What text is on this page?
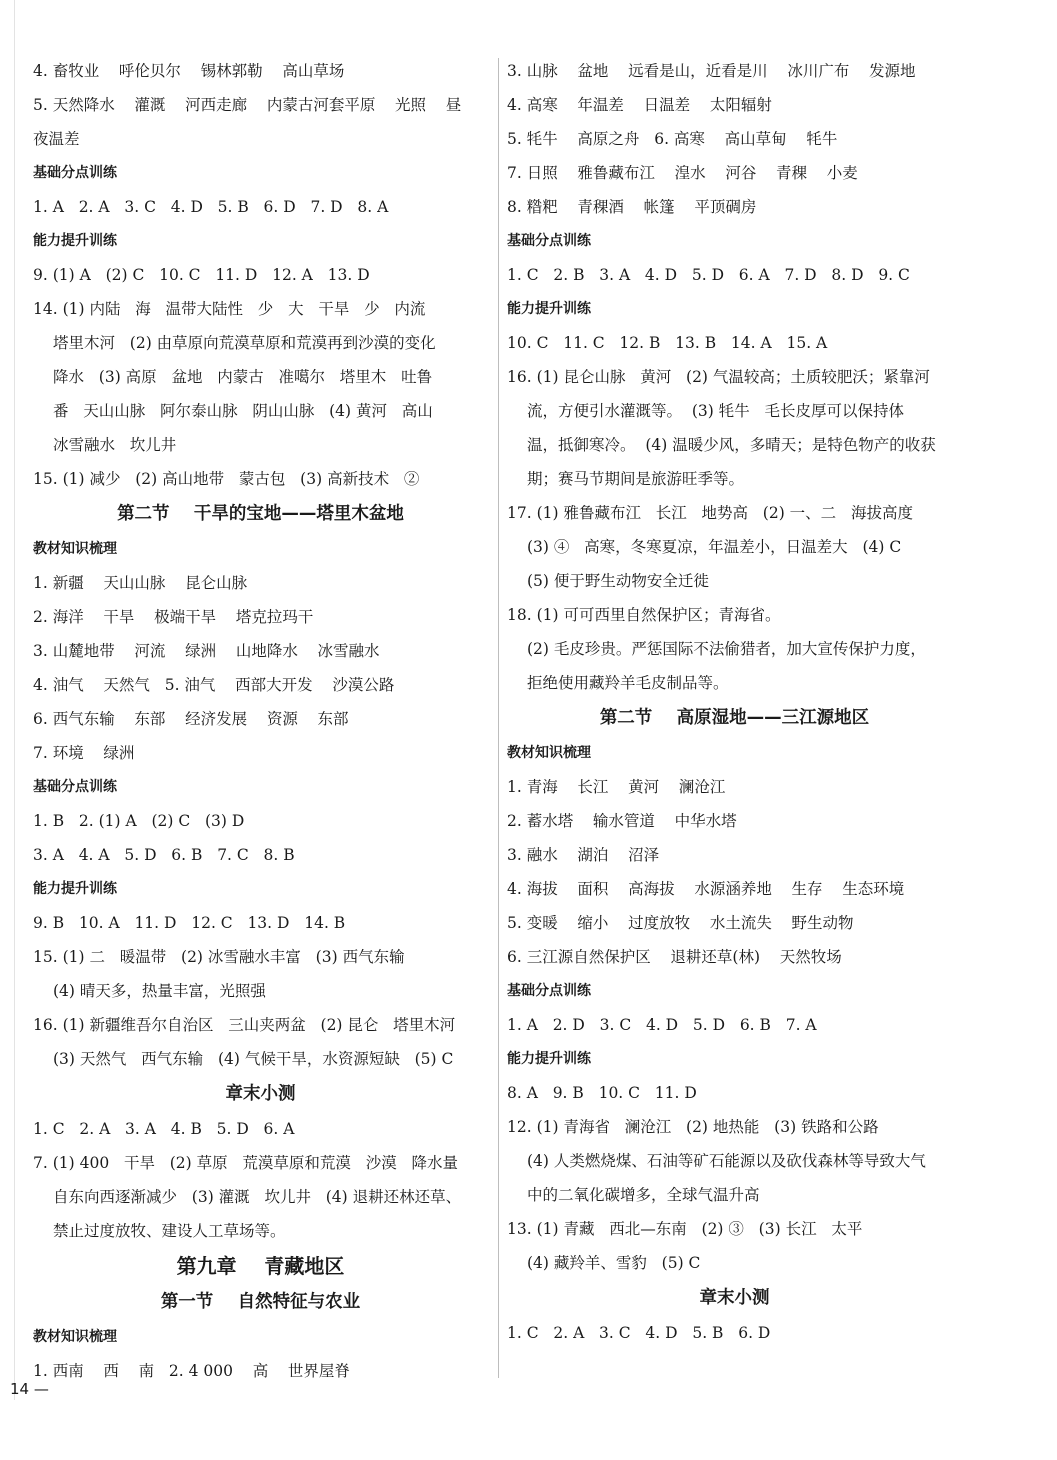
4. 畜牧业    呼伦贝尔    锡林郭勒    高山草场
5. 天然降水    灌溉    河西走廊    内蒙古河套平原    光照    昼
夜温差
基础分点训练
1. A   2. A   3. C   4. D   5. B   6. D   7. D   8. A
能力提升训练
9. (1) A   (2) C   10. C   11. D   12. A   13. D
14. (1) 内陆   海   温带大陆性   少   大   干旱   少   内流
塔里木河   (2) 由草原向荒漠草原和荒漠再到沙漠的变化
降水   (3) 高原   盆地   内蒙古   准噶尔   塔里木   吐鲁
番   天山山脉   阿尔泰山脉   阴山山脉   (4) 黄河   高山
冰雪融水   坎儿井
15. (1) 减少   (2) 高山地带   蒙古包   (3) 高新技术   ②
第二节    干旱的宝地——塔里木盆地
教材知识梳理
1. 新疆    天山山脉    昆仑山脉
2. 海洋    干旱    极端干旱    塔克拉玛干
3. 山麓地带    河流    绿洲    山地降水    冰雪融水
4. 油气    天然气   5. 油气    西部大开发    沙漠公路
6. 西气东输    东部    经济发展    资源    东部
7. 环境    绿洲
基础分点训练
1. B   2. (1) A   (2) C   (3) D
3. A   4. A   5. D   6. B   7. C   8. B
能力提升训练
9. B   10. A   11. D   12. C   13. D   14. B
15. (1) 二   暖温带   (2) 冰雪融水丰富   (3) 西气东输
(4) 晴天多，热量丰富，光照强
16. (1) 新疆维吾尔自治区   三山夹两盆   (2) 昆仑   塔里木河
(3) 天然气   西气东输   (4) 气候干旱，水资源短缺   (5) C
章末小测
1. C   2. A   3. A   4. B   5. D   6. A
7. (1) 400   干旱   (2) 草原   荒漠草原和荒漠   沙漠   降水量
自东向西逐渐减少   (3) 灌溉   坎儿井   (4) 退耕还林还草、
禁止过度放牧、建设人工草场等。
第九章    青藏地区
第一节    自然特征与农业
教材知识梳理
1. 西南    西    南   2. 4 000    高    世界屋脊
3. 山脉    盆地    远看是山，近看是川    冰川广布    发源地
4. 高寒    年温差    日温差    太阳辐射
5. 牦牛    高原之舟   6. 高寒    高山草甸    牦牛
7. 日照    雅鲁藏布江    湟水    河谷    青稞    小麦
8. 糌粑    青稞酒    帐篷    平顶碉房
基础分点训练
1. C   2. B   3. A   4. D   5. D   6. A   7. D   8. D   9. C
能力提升训练
10. C   11. C   12. B   13. B   14. A   15. A
16. (1) 昆仑山脉   黄河   (2) 气温较高；土质较肥沃；紧靠河
流，方便引水灌溉等。  (3) 牦牛   毛长皮厚可以保持体
温，抵御寒冷。  (4) 温暖少风，多晴天；是特色物产的收获
期；赛马节期间是旅游旺季等。
17. (1) 雅鲁藏布江   长江   地势高   (2) 一、二   海拔高度
(3) ④   高寒，冬寒夏凉，年温差小，日温差大   (4) C
(5) 便于野生动物安全迁徙
18. (1) 可可西里自然保护区；青海省。
(2) 毛皮珍贵。严惩国际不法偷猎者，加大宣传保护力度，
拒绝使用藏羚羊毛皮制品等。
第二节    高原湿地——三江源地区
教材知识梳理
1. 青海    长江    黄河    澜沧江
2. 蓄水塔    输水管道    中华水塔
3. 融水    湖泊    沼泽
4. 海拔    面积    高海拔    水源涵养地    生存    生态环境
5. 变暖    缩小    过度放牧    水土流失    野生动物
6. 三江源自然保护区    退耕还草(林)    天然牧场
基础分点训练
1. A   2. D   3. C   4. D   5. D   6. B   7. A
能力提升训练
8. A   9. B   10. C   11. D
12. (1) 青海省   澜沧江   (2) 地热能   (3) 铁路和公路
(4) 人类燃烧煤、石油等矿石能源以及砍伐森林等导致大气
中的二氧化碳增多，全球气温升高
13. (1) 青藏   西北—东南   (2) ③   (3) 长江   太平
(4) 藏羚羊、雪豹   (5) C
章末小测
1. C   2. A   3. C   4. D   5. B   6. D
14 —
